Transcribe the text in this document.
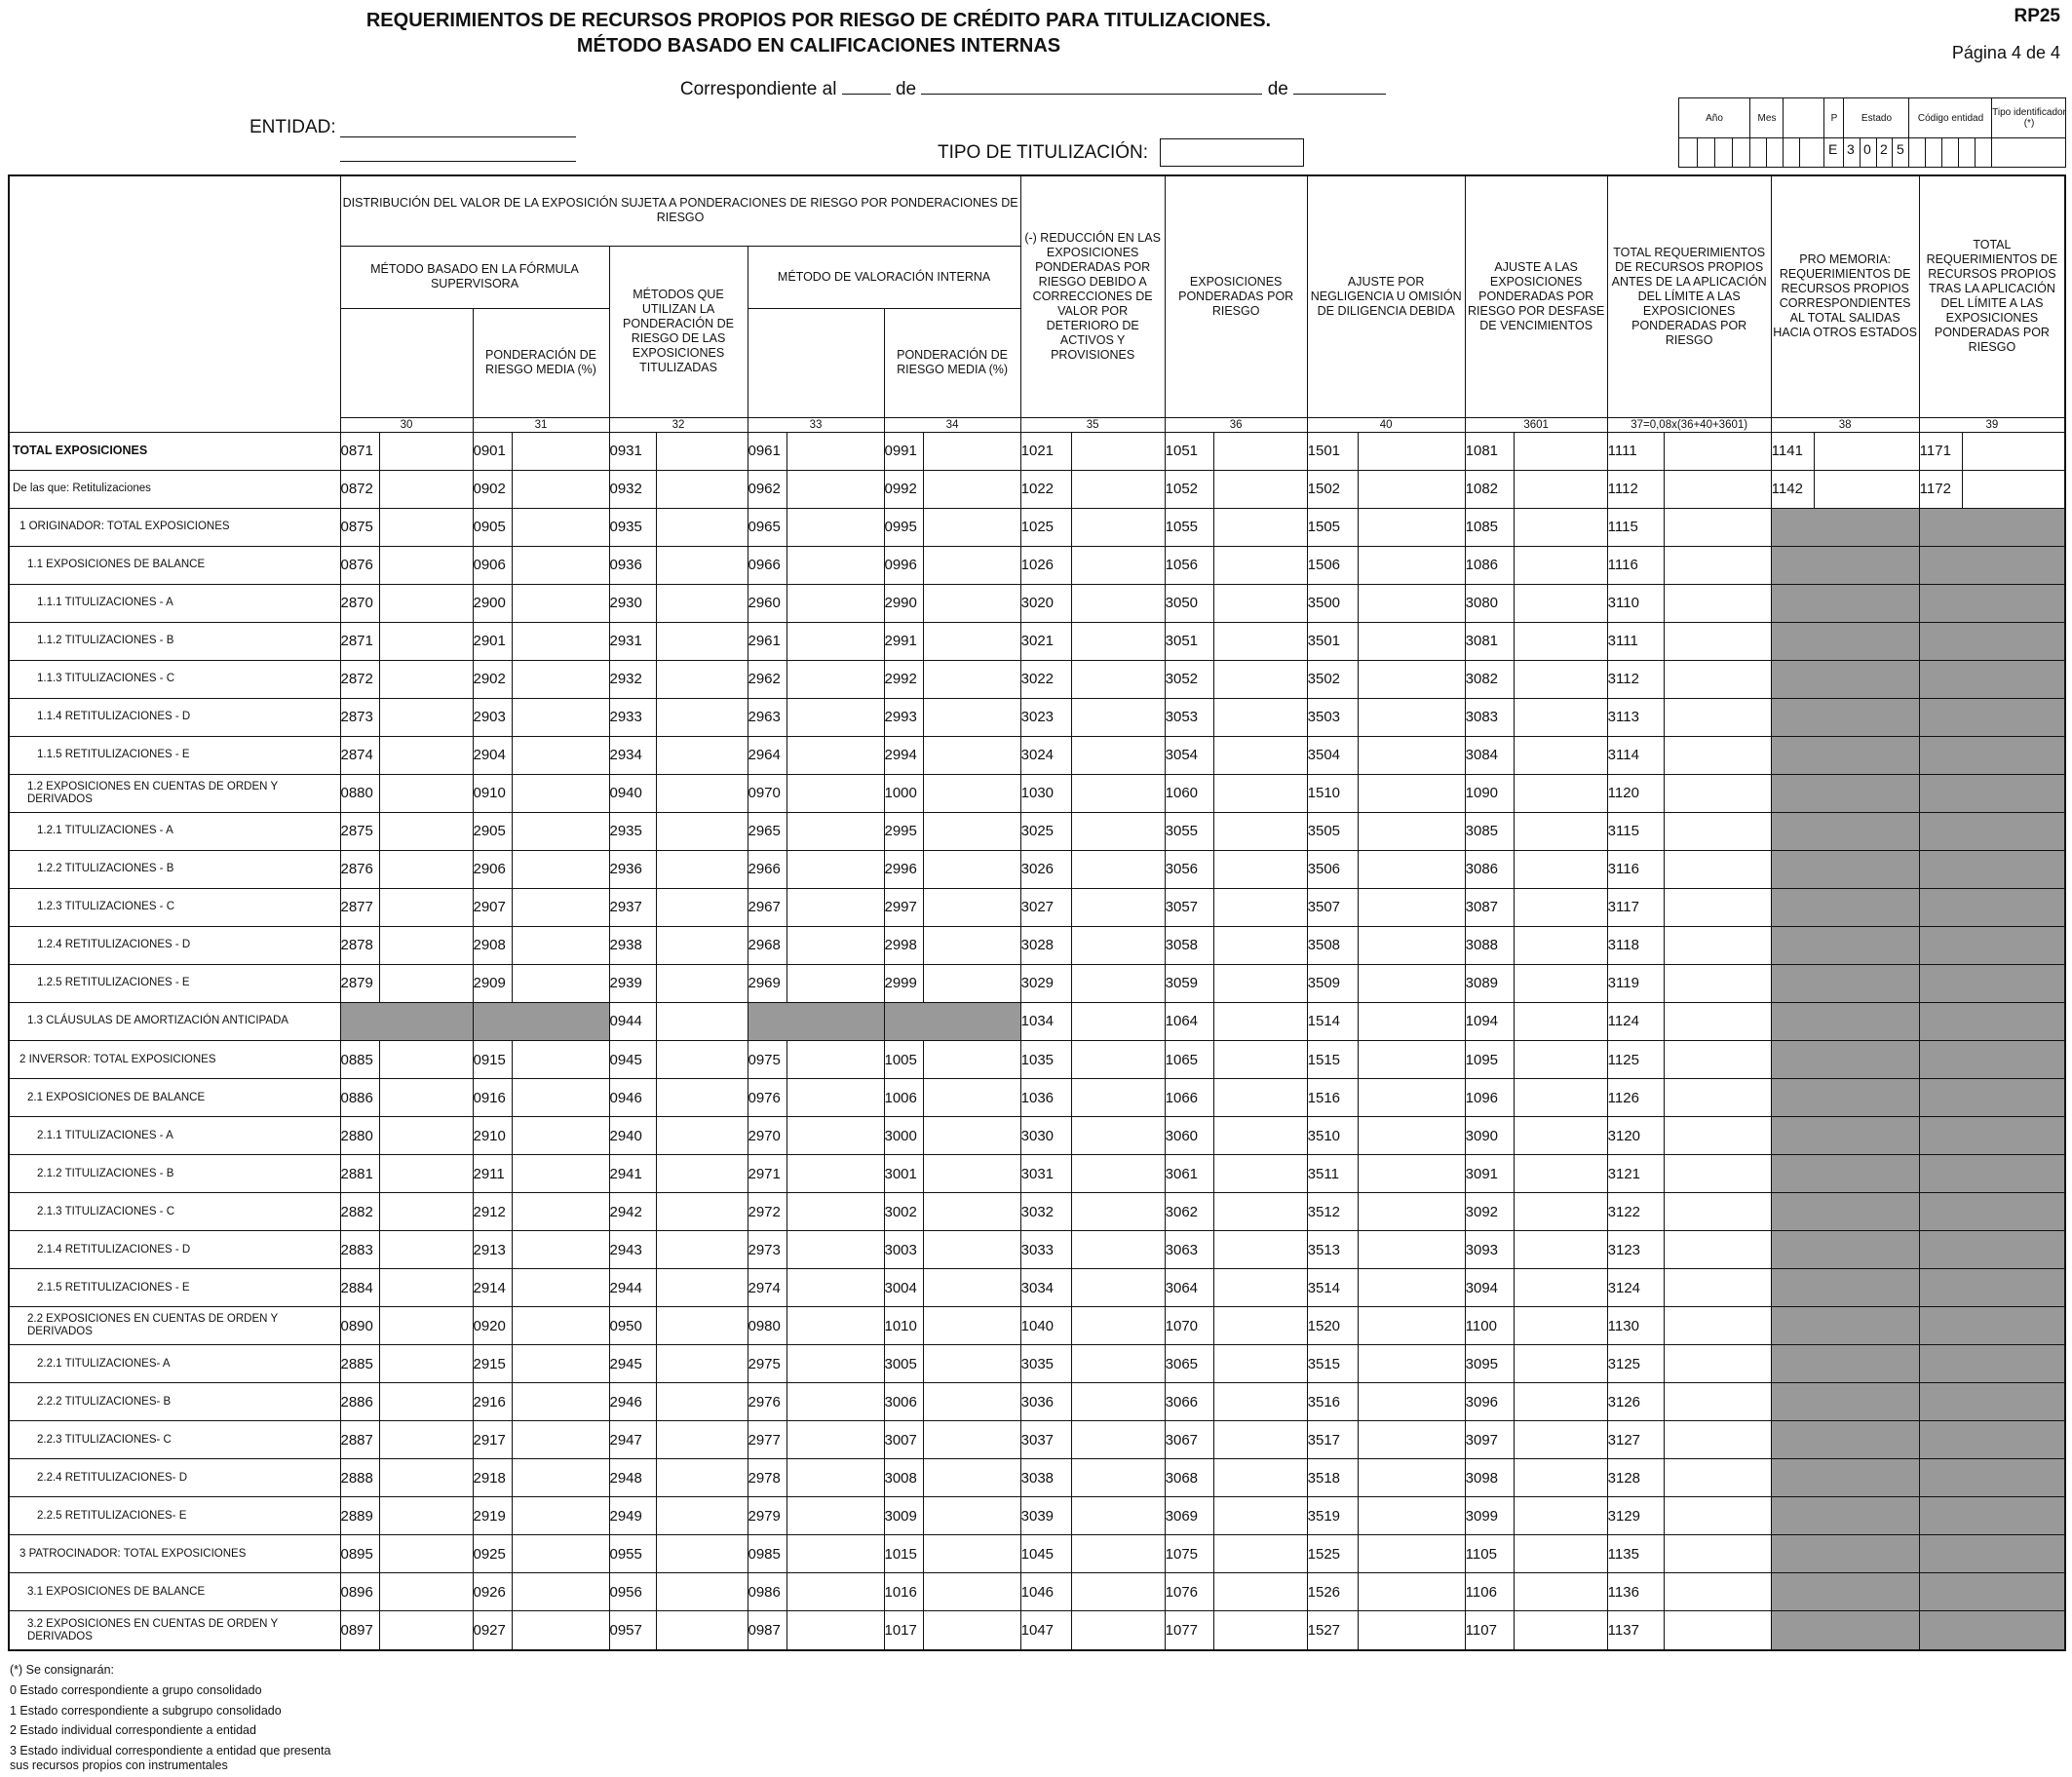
REQUERIMIENTOS DE RECURSOS PROPIOS POR RIESGO DE CRÉDITO PARA TITULIZACIONES.
MÉTODO BASADO EN CALIFICACIONES INTERNAS
RP25
Página 4 de 4
Correspondiente al	de	de
ENTIDAD:
TIPO DE TITULIZACIÓN:
Año	Mes	P	Estado	Código entidad Tipo identificador (*)
E 3 0 2 5
	DISTRIBUCIÓN DEL VALOR DE LA EXPOSICIÓN SUJETA A PONDERACIONES DE RIESGO POR PONDERACIONES DE RIESGO										(-) REDUCCIÓN EN LAS EXPOSICIONES PONDERADAS POR RIESGO DEBIDO A CORRECCIONES DE VALOR POR DETERIORO DE ACTIVOS Y PROVISIONES		EXPOSICIONES PONDERADAS POR RIESGO		AJUSTE POR NEGLIGENCIA U OMISIÓN DE DILIGENCIA DEBIDA		AJUSTE A LAS EXPOSICIONES PONDERADAS POR RIESGO POR DESFASE DE VENCIMIENTOS		TOTAL REQUERIMIENTOS DE RECURSOS PROPIOS ANTES DE LA APLICACIÓN DEL LÍMITE A LAS EXPOSICIONES PONDERADAS POR RIESGO		PRO MEMORIA: REQUERIMIENTOS DE RECURSOS PROPIOS CORRESPONDIENTES AL TOTAL SALIDAS HACIA OTROS ESTADOS		TOTAL REQUERIMIENTOS DE RECURSOS PROPIOS TRAS LA APLICACIÓN DEL LÍMITE A LAS EXPOSICIONES PONDERADAS POR RIESGO	
	MÉTODO BASADO EN LA FÓRMULA SUPERVISORA				MÉTODOS QUE UTILIZAN LA PONDERACIÓN DE RIESGO DE LAS EXPOSICIONES TITULIZADAS		MÉTODO DE VALORACIÓN INTERNA																	
			PONDERACIÓN DE RIESGO MEDIA (%)						PONDERACIÓN DE RIESGO MEDIA (%)															
	30		31		32		33		34		35		36		40		3601		37=0,08x(36+40+3601)		38		39	
TOTAL EXPOSICIONES	0871		0901		0931		0961		0991		1021		1051		1501		1081		1111		1141		1171	
De las que: Retitulizaciones	0872		0902		0932		0962		0992		1022		1052		1502		1082		1112		1142		1172	
1 ORIGINADOR: TOTAL EXPOSICIONES	0875		0905		0935		0965		0995		1025		1055		1505		1085		1115					
1.1 EXPOSICIONES DE BALANCE	0876		0906		0936		0966		0996		1026		1056		1506		1086		1116					
1.1.1 TITULIZACIONES - A	2870		2900		2930		2960		2990		3020		3050		3500		3080		3110					
1.1.2 TITULIZACIONES - B	2871		2901		2931		2961		2991		3021		3051		3501		3081		3111					
1.1.3 TITULIZACIONES - C	2872		2902		2932		2962		2992		3022		3052		3502		3082		3112					
1.1.4 RETITULIZACIONES - D	2873		2903		2933		2963		2993		3023		3053		3503		3083		3113					
1.1.5 RETITULIZACIONES - E	2874		2904		2934		2964		2994		3024		3054		3504		3084		3114					
1.2 EXPOSICIONES EN CUENTAS DE ORDEN Y DERIVADOS	0880		0910		0940		0970		1000		1030		1060		1510		1090		1120					
1.2.1 TITULIZACIONES - A	2875		2905		2935		2965		2995		3025		3055		3505		3085		3115					
1.2.2 TITULIZACIONES - B	2876		2906		2936		2966		2996		3026		3056		3506		3086		3116					
1.2.3 TITULIZACIONES - C	2877		2907		2937		2967		2997		3027		3057		3507		3087		3117					
1.2.4 RETITULIZACIONES - D	2878		2908		2938		2968		2998		3028		3058		3508		3088		3118					
1.2.5 RETITULIZACIONES - E	2879		2909		2939		2969		2999		3029		3059		3509		3089		3119					
1.3 CLÁUSULAS DE AMORTIZACIÓN ANTICIPADA					0944						1034		1064		1514		1094		1124					
2 INVERSOR: TOTAL EXPOSICIONES	0885		0915		0945		0975		1005		1035		1065		1515		1095		1125					
2.1 EXPOSICIONES DE BALANCE	0886		0916		0946		0976		1006		1036		1066		1516		1096		1126					
2.1.1 TITULIZACIONES - A	2880		2910		2940		2970		3000		3030		3060		3510		3090		3120					
2.1.2 TITULIZACIONES - B	2881		2911		2941		2971		3001		3031		3061		3511		3091		3121					
2.1.3 TITULIZACIONES - C	2882		2912		2942		2972		3002		3032		3062		3512		3092		3122					
2.1.4 RETITULIZACIONES - D	2883		2913		2943		2973		3003		3033		3063		3513		3093		3123					
2.1.5 RETITULIZACIONES - E	2884		2914		2944		2974		3004		3034		3064		3514		3094		3124					
2.2 EXPOSICIONES EN CUENTAS DE ORDEN Y DERIVADOS	0890		0920		0950		0980		1010		1040		1070		1520		1100		1130					
2.2.1 TITULIZACIONES- A	2885		2915		2945		2975		3005		3035		3065		3515		3095		3125					
2.2.2 TITULIZACIONES- B	2886		2916		2946		2976		3006		3036		3066		3516		3096		3126					
2.2.3 TITULIZACIONES- C	2887		2917		2947		2977		3007		3037		3067		3517		3097		3127					
2.2.4 RETITULIZACIONES- D	2888		2918		2948		2978		3008		3038		3068		3518		3098		3128					
2.2.5 RETITULIZACIONES- E	2889		2919		2949		2979		3009		3039		3069		3519		3099		3129					
3 PATROCINADOR: TOTAL EXPOSICIONES	0895		0925		0955		0985		1015		1045		1075		1525		1105		1135					
3.1 EXPOSICIONES DE BALANCE	0896		0926		0956		0986		1016		1046		1076		1526		1106		1136					
3.2 EXPOSICIONES EN CUENTAS DE ORDEN Y DERIVADOS	0897		0927		0957		0987		1017		1047		1077		1527		1107		1137					
(*) Se consignarán:
0 Estado correspondiente a grupo consolidado
1 Estado correspondiente a subgrupo consolidado
2 Estado individual correspondiente a entidad
3 Estado individual correspondiente a entidad que presenta sus recursos propios con instrumentales
